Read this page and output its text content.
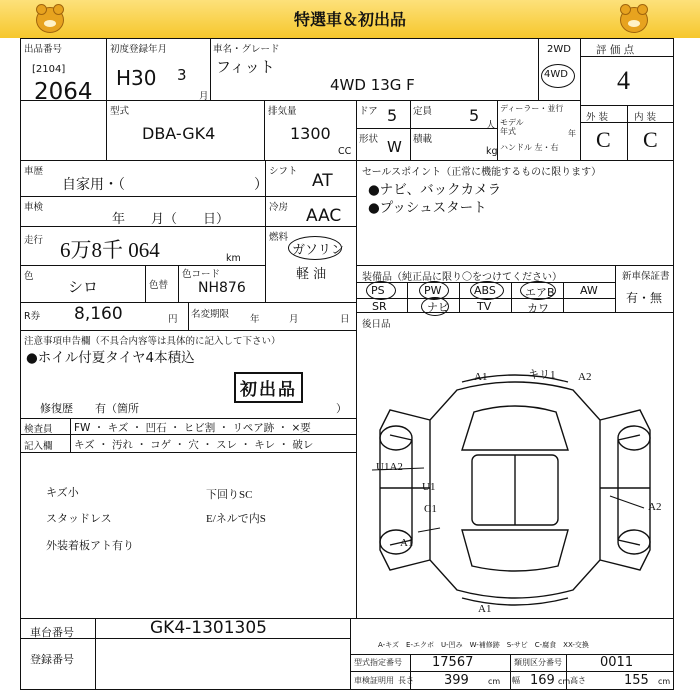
特選車＆初出品
出品番号
[2104]
2064
初度登録年月
H30 3
月
車名・グレード
フィット
4WD 13G F
2WD
4WD
評 価 点
4
外 装	内 装
C C
型式
DBA-GK4
排気量
1300
CC
ドア 5 定員 5
人
形状 W 積載
kg
ディーラー・並行
モデル
年式	年
ハンドル 左・右
車歴
自家用・（	）
車検
年　　月（　　日）
走行 6万8千 064	km
色
シロ	色替
色コード
NH876
R券 8,160	円 名変期限 年	月	日
シフト AT
冷房 AAC
燃料
ガソリン
軽 油
セールスポイント（正常に機能するものに限ります）
●ナビ、バックカメラ
●プッシュスタート
装備品（純正品に限り〇をつけてください）	新車保証書
有・無
PS	PW	ABS	エアB AW
SR	ナビ	TV	カワ
後日品
注意事項申告欄（不具合内容等は具体的に記入して下さい）
●ホイル付夏タイヤ4本積込
初出品
修復歴　　有（箇所	）
検査員
記入欄
FW ・ キズ ・ 凹石 ・ ヒビ割 ・ リペア跡 ・ ×要
キズ ・ 汚れ ・ コゲ ・ 穴 ・ スレ ・ キレ ・ 破レ
キズ小
スタッドレス
外装着板アト有り
下回りSC
E/ネルで内S
A1	キリ1 A2
U1A2
U1
C1	A2
A1
A1
車台番号	GK4-1301305
登録番号
A-キズ　E-エクボ　U-凹み　W-補修跡　S-サビ　C-腐食　XX-交換
型式指定番号 17567	類別区分番号	0011
車検証明用 長さ 399 cm 幅 169 cm 高さ	155 cm
